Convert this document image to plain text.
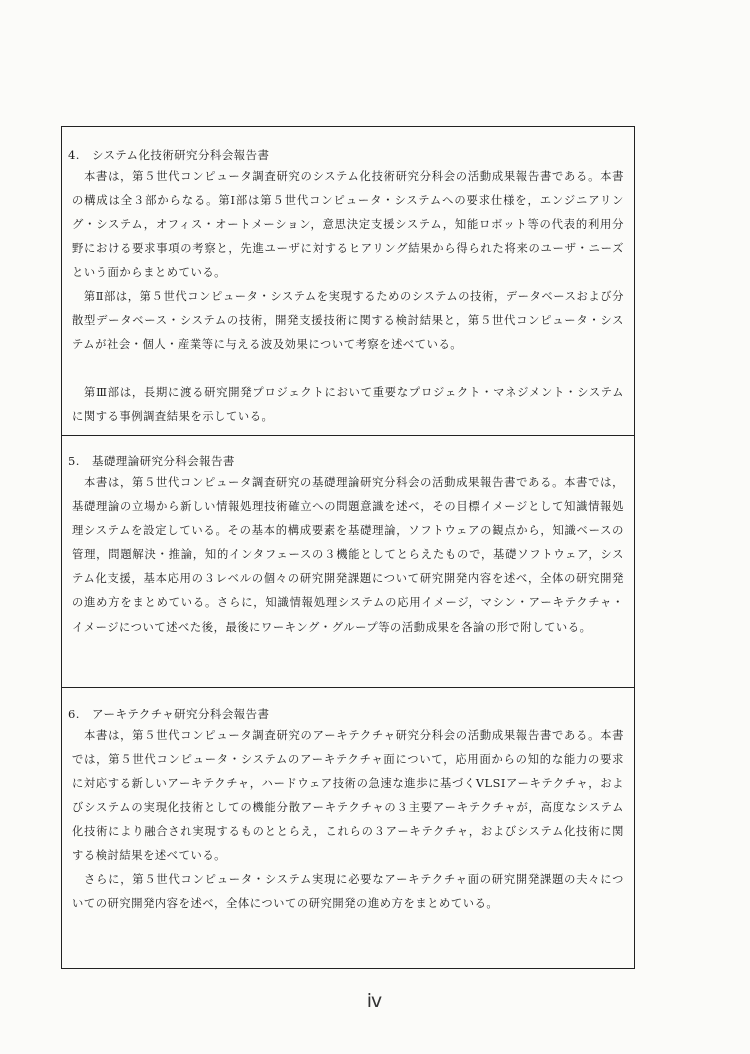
4. システム化技術研究分科会報告書
　本書は，第５世代コンピュータ調査研究のシステム化技術研究分科会の活動成果報告書である。本書の構成は全３部からなる。第Ⅰ部は第５世代コンピュータ・システムへの要求仕様を，エンジニアリング・システム，オフィス・オートメーション，意思決定支援システム，知能ロボット等の代表的利用分野における要求事項の考察と，先進ユーザに対するヒアリング結果から得られた将来のユーザ・ニーズという面からまとめている。
　第Ⅱ部は，第５世代コンピュータ・システムを実現するためのシステムの技術，データベースおよび分散型データベース・システムの技術，開発支援技術に関する検討結果と，第５世代コンピュータ・システムが社会・個人・産業等に与える波及効果について考察を述べている。
　第Ⅲ部は，長期に渡る研究開発プロジェクトにおいて重要なプロジェクト・マネジメント・システムに関する事例調査結果を示している。
5. 基礎理論研究分科会報告書
　本書は，第５世代コンピュータ調査研究の基礎理論研究分科会の活動成果報告書である。本書では，基礎理論の立場から新しい情報処理技術確立への問題意識を述べ，その目標イメージとして知識情報処理システムを設定している。その基本的構成要素を基礎理論，ソフトウェアの観点から，知識ベースの管理，問題解決・推論，知的インタフェースの３機能としてとらえたもので，基礎ソフトウェア，システム化支援，基本応用の３レベルの個々の研究開発課題について研究開発内容を述べ，全体の研究開発の進め方をまとめている。さらに，知識情報処理システムの応用イメージ，マシン・アーキテクチャ・イメージについて述べた後，最後にワーキング・グループ等の活動成果を各論の形で附している。
6. アーキテクチャ研究分科会報告書
　本書は，第５世代コンピュータ調査研究のアーキテクチャ研究分科会の活動成果報告書である。本書では，第５世代コンピュータ・システムのアーキテクチャ面について，応用面からの知的な能力の要求に対応する新しいアーキテクチャ，ハードウェア技術の急速な進歩に基づくVLSIアーキテクチャ，およびシステムの実現化技術としての機能分散アーキテクチャの３主要アーキテクチャが，高度なシステム化技術により融合され実現するものととらえ，これらの３アーキテクチャ，およびシステム化技術に関する検討結果を述べている。
　さらに，第５世代コンピュータ・システム実現に必要なアーキテクチャ面の研究開発課題の夫々についての研究開発内容を述べ，全体についての研究開発の進め方をまとめている。
ⅳ
